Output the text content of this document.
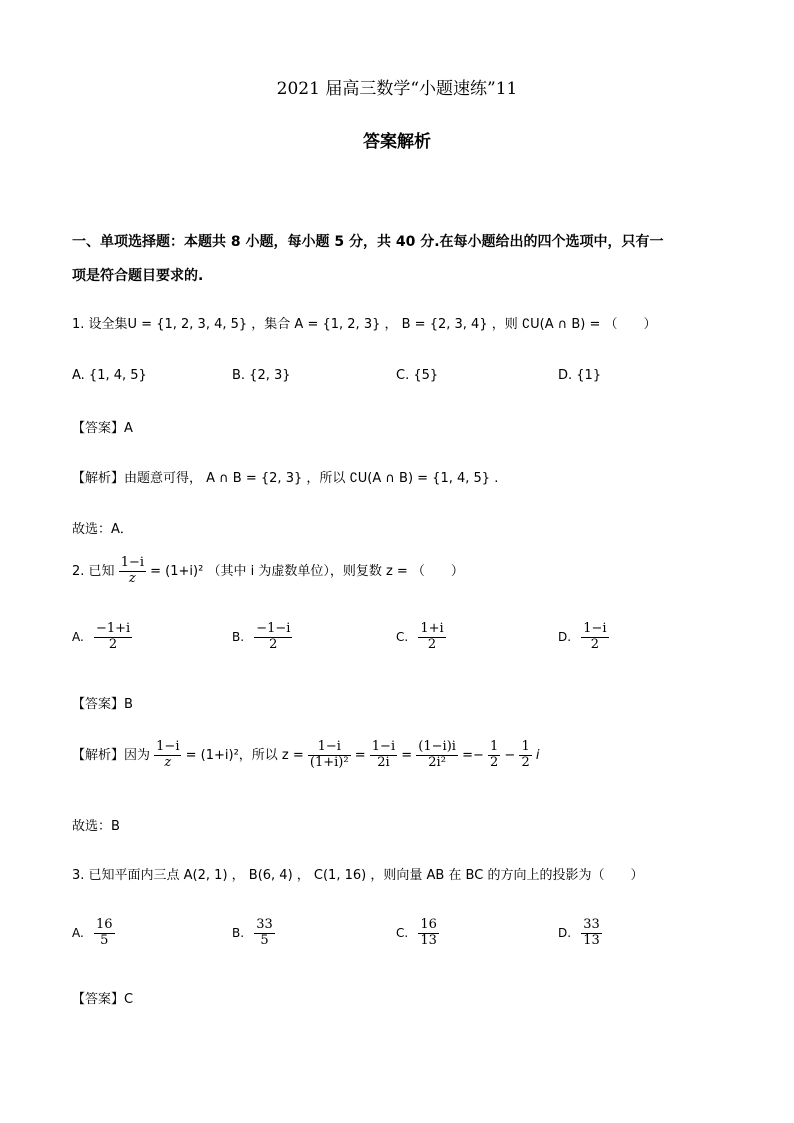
2021 届高三数学“小题速练”11
答案解析
一、单项选择题：本题共 8 小题，每小题 5 分，共 40 分.在每小题给出的四个选项中，只有一
项是符合题目要求的.
1. 设全集U = {1, 2, 3, 4, 5} ，集合 A = {1, 2, 3} ， B = {2, 3, 4} ，则 ∁U(A ∩ B) = （　　）
A. {1, 4, 5}	B. {2, 3}	C. {5}	D. {1}
【答案】A
【解析】由题意可得， A ∩ B = {2, 3} ，所以 ∁U(A ∩ B) = {1, 4, 5} .
故选：A．
2. 已知 $\frac{1-i}{z} = (1+i)^2$ （其中 i 为虚数单位），则复数 z = （　　）
A. $\frac{-1+i}{2}$	B. $\frac{-1-i}{2}$	C. $\frac{1+i}{2}$	D. $\frac{1-i}{2}$
【答案】B
【解析】因为 $\frac{1-i}{z} = (1+i)^2$，所以 $z = \frac{1-i}{\text{(1+i)²}} = \frac{1-i}{2i} = \frac{(1-i)i}{\text{2i²}} =- \frac{1}{2} - \frac{1}{2}$ i
故选：B
3. 已知平面内三点 A(2, 1) ， B(6, 4) ， C(1, 16) ，则向量 AB 在 BC 的方向上的投影为（　　）
A. $\frac{16}{5}$	B. $\frac{33}{5}$	C. $\frac{16}{13}$	D. $\frac{33}{13}$
【答案】C
